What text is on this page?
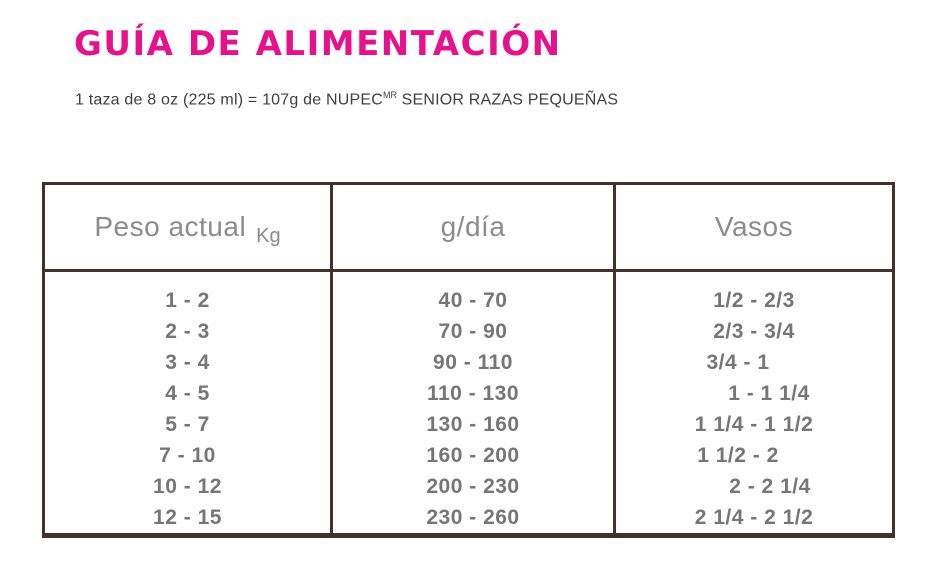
GUÍA DE ALIMENTACIÓN
1 taza de 8 oz (225 ml) = 107g de $NUPEC^{MR}$ SENIOR RAZAS PEQUEÑAS
Peso actual $_{Kg}$	g/día	Vasos
1 - 2	40 - 70	1/2 - 2/3
2 - 3	70 - 90	2/3 - 3/4
3 - 4	90 - 110	3/4 - 1
4 - 5	110 - 130	1 - 1 1/4
5 - 7	130 - 160	1 1/4 - 1 1/2
7 - 10	160 - 200	1 1/2 - 2
10 - 12	200 - 230	2 - 2 1/4
12 - 15	230 - 260	2 1/4 - 2 1/2
